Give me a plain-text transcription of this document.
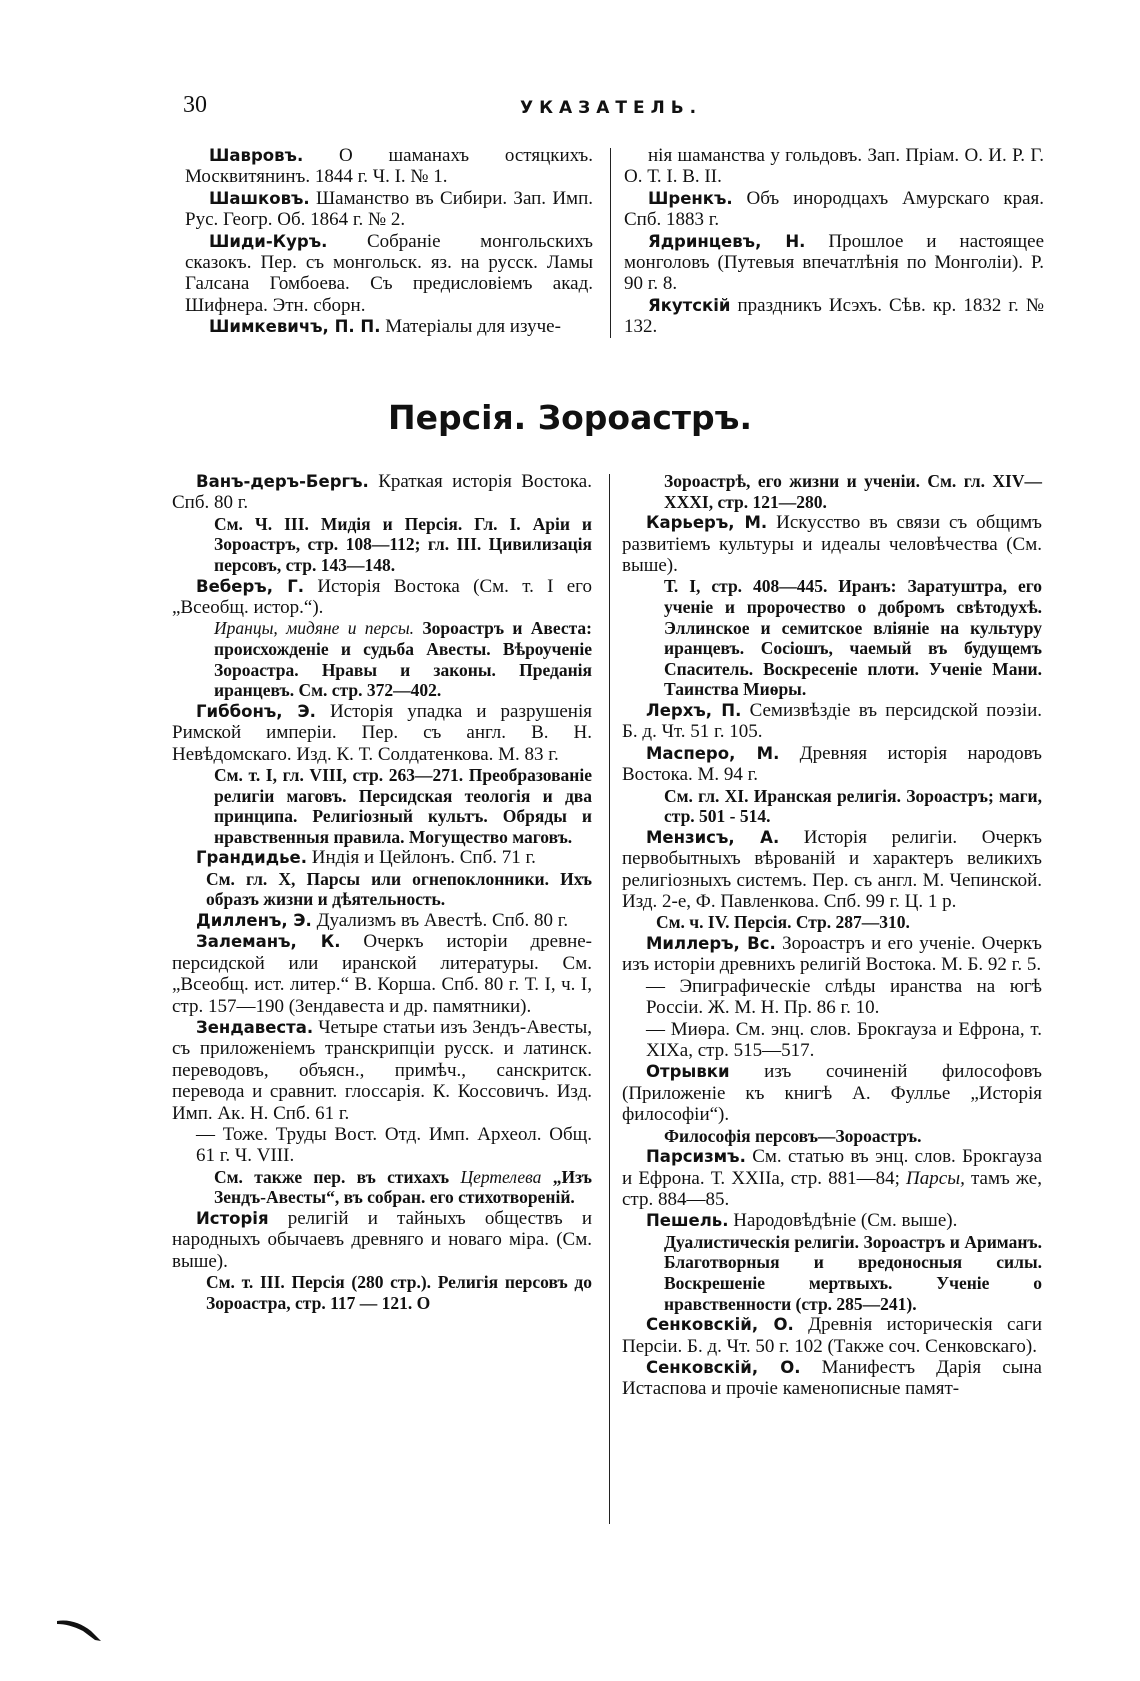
30	УКАЗАТЕЛЬ.

Шавровъ. О шаманахъ остяцкихъ. Москвитянинъ. 1844 г. Ч. I. № 1.

Шашковъ. Шаманство въ Сибири. Зап. Имп. Рус. Геогр. Об. 1864 г. № 2.

Шиди-Куръ. Собраніе монгольскихъ сказокъ. Пер. съ монгольск. яз. на русск. Ламы Галсана Гомбоева. Съ предисловіемъ акад. Шифнера. Этн. сборн.

Шимкевичъ, П. П. Матеріалы для изуче-

нія шаманства у гольдовъ. Зап. Пріам. О. И. Р. Г. О. Т. I. В. II.

Шренкъ. Объ инородцахъ Амурскаго края. Спб. 1883 г.

Ядринцевъ, Н. Прошлое и настоящее монголовъ (Путевыя впечатлѣнія по Монголіи). Р. 90 г. 8.

Якутскій праздникъ Исэхъ. Сѣв. кр. 1832 г. № 132.

Персія. Зороастръ.

Ванъ-деръ-Бергъ. Краткая исторія Востока. Спб. 80 г.

См. Ч. III. Мидія и Персія. Гл. I. Аріи и Зороастръ, стр. 108—112; гл. III. Цивилизація персовъ, стр. 143—148.

Веберъ, Г. Исторія Востока (См. т. I его „Всеобщ. истор.“).

Иранцы, мидяне и персы. Зороастръ и Авеста: происхожденіе и судьба Авесты. Вѣроученіе Зороастра. Нравы и законы. Преданія иранцевъ. См. стр. 372—402.

Гиббонъ, Э. Исторія упадка и разрушенія Римской имперіи. Пер. съ англ. В. Н. Невѣдомскаго. Изд. К. Т. Солдатенкова. М. 83 г.

См. т. I, гл. VIII, стр. 263—271. Преобразованіе религіи маговъ. Персидская теологія и два принципа. Религіозный культъ. Обряды и нравственныя правила. Могущество маговъ.

Грандидье. Индія и Цейлонъ. Спб. 71 г.

См. гл. X, Парсы или огнепоклонники. Ихъ образъ жизни и дѣятельность.

Дилленъ, Э. Дуализмъ въ Авестѣ. Спб. 80 г.

Залеманъ, К. Очеркъ исторіи древне-персидской или иранской литературы. См. „Всеобщ. ист. литер.“ В. Корша. Спб. 80 г. Т. I, ч. I, стр. 157—190 (Зендавеста и др. памятники).

Зендавеста. Четыре статьи изъ Зендъ-Авесты, съ приложеніемъ транскрипціи русск. и латинск. переводовъ, объясн., примѣч., санскритск. перевода и сравнит. глоссарія. К. Коссовичъ. Изд. Имп. Ак. Н. Спб. 61 г.

— Тоже. Труды Вост. Отд. Имп. Археол. Общ. 61 г. Ч. VIII.

См. также пер. въ стихахъ Цертелева „Изъ Зендъ-Авесты“, въ собран. его стихотвореній.

Исторія религій и тайныхъ обществъ и народныхъ обычаевъ древняго и новаго міра. (См. выше).

См. т. III. Персія (280 стр.). Религія персовъ до Зороастра, стр. 117 — 121. О

Зороастрѣ, его жизни и ученіи. См. гл. XIV—XXXI, стр. 121—280.

Карьеръ, М. Искусство въ связи съ общимъ развитіемъ культуры и идеалы человѣчества (См. выше).

Т. I, стр. 408—445. Иранъ: Заратуштра, его ученіе и пророчество о добромъ свѣтодухѣ. Эллинское и семитское вліяніе на культуру иранцевъ. Сосіошъ, чаемый въ будущемъ Спаситель. Воскресеніе плоти. Ученіе Мани. Таинства Миѳры.

Лерхъ, П. Семизвѣздіе въ персидской поэзіи. Б. д. Чт. 51 г. 105.

Масперо, М. Древняя исторія народовъ Востока. М. 94 г.

См. гл. XI. Иранская религія. Зороастръ; маги, стр. 501 - 514.

Мензисъ, А. Исторія религіи. Очеркъ первобытныхъ вѣрованій и характеръ великихъ религіозныхъ системъ. Пер. съ англ. М. Чепинской. Изд. 2-е, Ф. Павленкова. Спб. 99 г. Ц. 1 р.

См. ч. IV. Персія. Стр. 287—310.

Миллеръ, Вс. Зороастръ и его ученіе. Очеркъ изъ исторіи древнихъ религій Востока. М. Б. 92 г. 5.

— Эпиграфическіе слѣды иранства на югѣ Россіи. Ж. М. Н. Пр. 86 г. 10.

— Миѳра. См. энц. слов. Брокгауза и Ефрона, т. XIXа, стр. 515—517.

Отрывки изъ сочиненій философовъ (Приложеніе къ книгѣ А. Фуллье „Исторія философіи“).

Философія персовъ—Зороастръ.

Парсизмъ. См. статью въ энц. слов. Брокгауза и Ефрона. Т. XXIIа, стр. 881—84; Парсы, тамъ же, стр. 884—85.

Пешель. Народовѣдѣніе (См. выше).

Дуалистическія религіи. Зороастръ и Ариманъ. Благотворныя и вредоносныя силы. Воскрешеніе мертвыхъ. Ученіе о нравственности (стр. 285—241).

Сенковскій, О. Древнія историческія саги Персіи. Б. д. Чт. 50 г. 102 (Также соч. Сенковскаго).

Сенковскій, О. Манифестъ Дарія сына Истаспова и прочіе каменописные памят-
